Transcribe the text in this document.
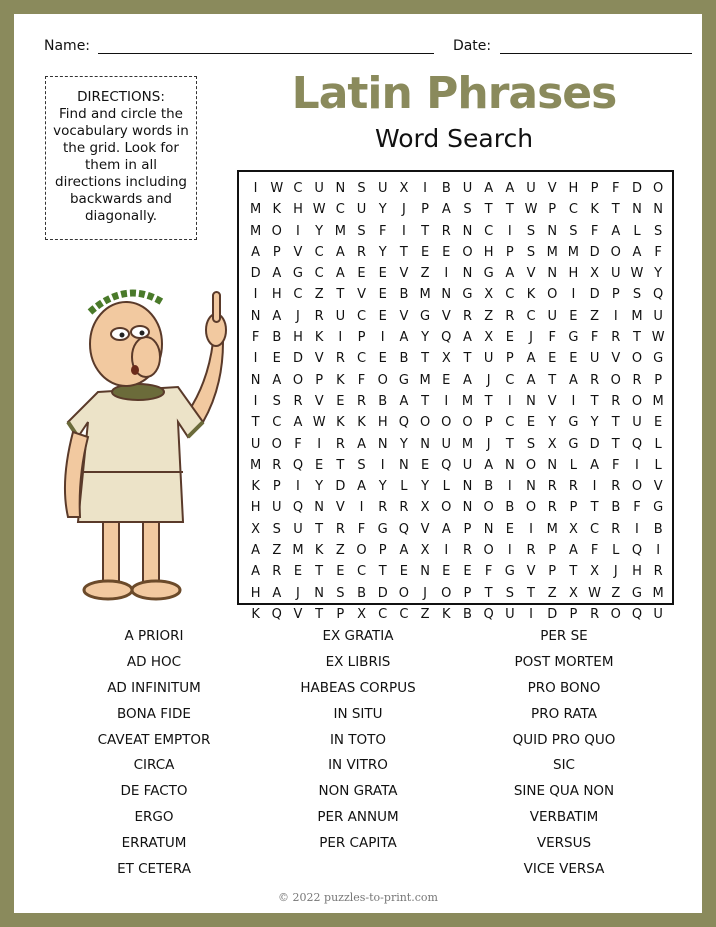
Name:	Date:
DIRECTIONS:
Find and circle the vocabulary words in the grid. Look for them in all directions including backwards and diagonally.
Latin Phrases
Word Search
I W C U N S U X	I	B U A A U V H P	F D O
M K H W C U Y	J	P A S	T	T W P C K T N N
M O	I	Y M S	F	I	T R N C	I	S N S	F	A	L	S
A P V C A R Y	T	E E O H P	S M M D O A F
D A G C A E E V Z	I	N G A V N H X U W Y
I	H C Z T V E B M N G X C K O	I	D P	S Q
N A	J	R U C E V G V R Z R C U E Z	I	M U
F B H K	I	P	I	A Y Q A X E	J	F G F R T W
I	E D V R C E B T X T U P A E E U V O G
N A O P	K	F O G M E A	J	C A T A R O R P
I	S R V E R B A T	I	M T	I	N V	I	T R O M
T C A W K K H Q O O O P C E	Y G Y	T U E
U O F	I	R A N Y N U M	J	T	S X G D T Q L
M R Q E	T	S	I	N E Q U A N O N L	A F	I	L
K	P	I	Y D A Y	L	Y	L N B	I	N R R	I	R O V
H U Q N V	I	R R X O N O B O R P	T B F G
X S U T R F G Q V A P N E	I	M X C R	I	B
A Z M K Z O P A X	I	R O	I	R P A F	L Q	I
A R E	T	E C T	E N E E	F G V P	T X	J	H R
H A	J	N S B D O	J	O P	T	S	T Z X W Z G M
K Q V T	P X C C Z K B Q U	I	D P R O Q U
A PRIORI
AD HOC
AD INFINITUM
BONA FIDE
CAVEAT EMPTOR
CIRCA
DE FACTO
ERGO
ERRATUM
ET CETERA
EX GRATIA
EX LIBRIS
HABEAS CORPUS
IN SITU
IN TOTO
IN VITRO
NON GRATA
PER ANNUM
PER CAPITA
PER SE
POST MORTEM
PRO BONO
PRO RATA
QUID PRO QUO
SIC
SINE QUA NON
VERBATIM
VERSUS
VICE VERSA
© 2022 puzzles-to-print.com
